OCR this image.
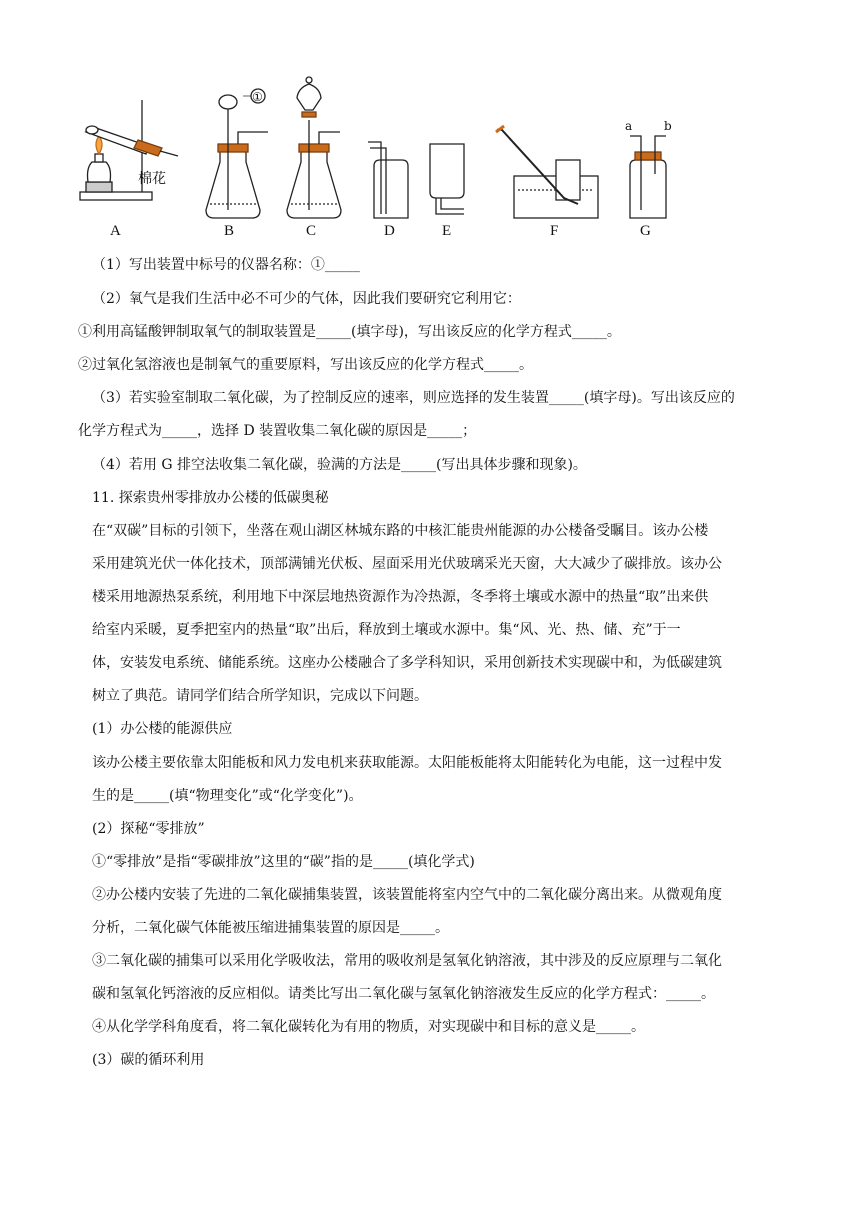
A	B	C	D	E	F	G
①
棉花
a	b
（1）写出装置中标号的仪器名称：①_____
（2）氧气是我们生活中必不可少的气体，因此我们要研究它利用它：
①利用高锰酸钾制取氧气的制取装置是_____(填字母)，写出该反应的化学方程式_____。
②过氧化氢溶液也是制氧气的重要原料，写出该反应的化学方程式_____。
（3）若实验室制取二氧化碳，为了控制反应的速率，则应选择的发生装置_____(填字母)。写出该反应的
化学方程式为_____，选择 D 装置收集二氧化碳的原因是_____；
（4）若用 G 排空法收集二氧化碳，验满的方法是_____(写出具体步骤和现象)。
11. 探索贵州零排放办公楼的低碳奥秘
在“双碳”目标的引领下，坐落在观山湖区林城东路的中核汇能贵州能源的办公楼备受瞩目。该办公楼
采用建筑光伏一体化技术，顶部满铺光伏板、屋面采用光伏玻璃采光天窗，大大减少了碳排放。该办公
楼采用地源热泵系统，利用地下中深层地热资源作为冷热源，冬季将土壤或水源中的热量“取”出来供
给室内采暖，夏季把室内的热量“取”出后，释放到土壤或水源中。集“风、光、热、储、充”于一
体，安装发电系统、储能系统。这座办公楼融合了多学科知识，采用创新技术实现碳中和，为低碳建筑
树立了典范。请同学们结合所学知识，完成以下问题。
(1）办公楼的能源供应
该办公楼主要依靠太阳能板和风力发电机来获取能源。太阳能板能将太阳能转化为电能，这一过程中发
生的是_____(填“物理变化”或“化学变化”)。
(2）探秘“零排放”
①“零排放”是指“零碳排放”这里的“碳”指的是_____(填化学式)
②办公楼内安装了先进的二氧化碳捕集装置，该装置能将室内空气中的二氧化碳分离出来。从微观角度
分析，二氧化碳气体能被压缩进捕集装置的原因是_____。
③二氧化碳的捕集可以采用化学吸收法，常用的吸收剂是氢氧化钠溶液，其中涉及的反应原理与二氧化
碳和氢氧化钙溶液的反应相似。请类比写出二氧化碳与氢氧化钠溶液发生反应的化学方程式：_____。
④从化学学科角度看，将二氧化碳转化为有用的物质，对实现碳中和目标的意义是_____。
(3）碳的循环利用
